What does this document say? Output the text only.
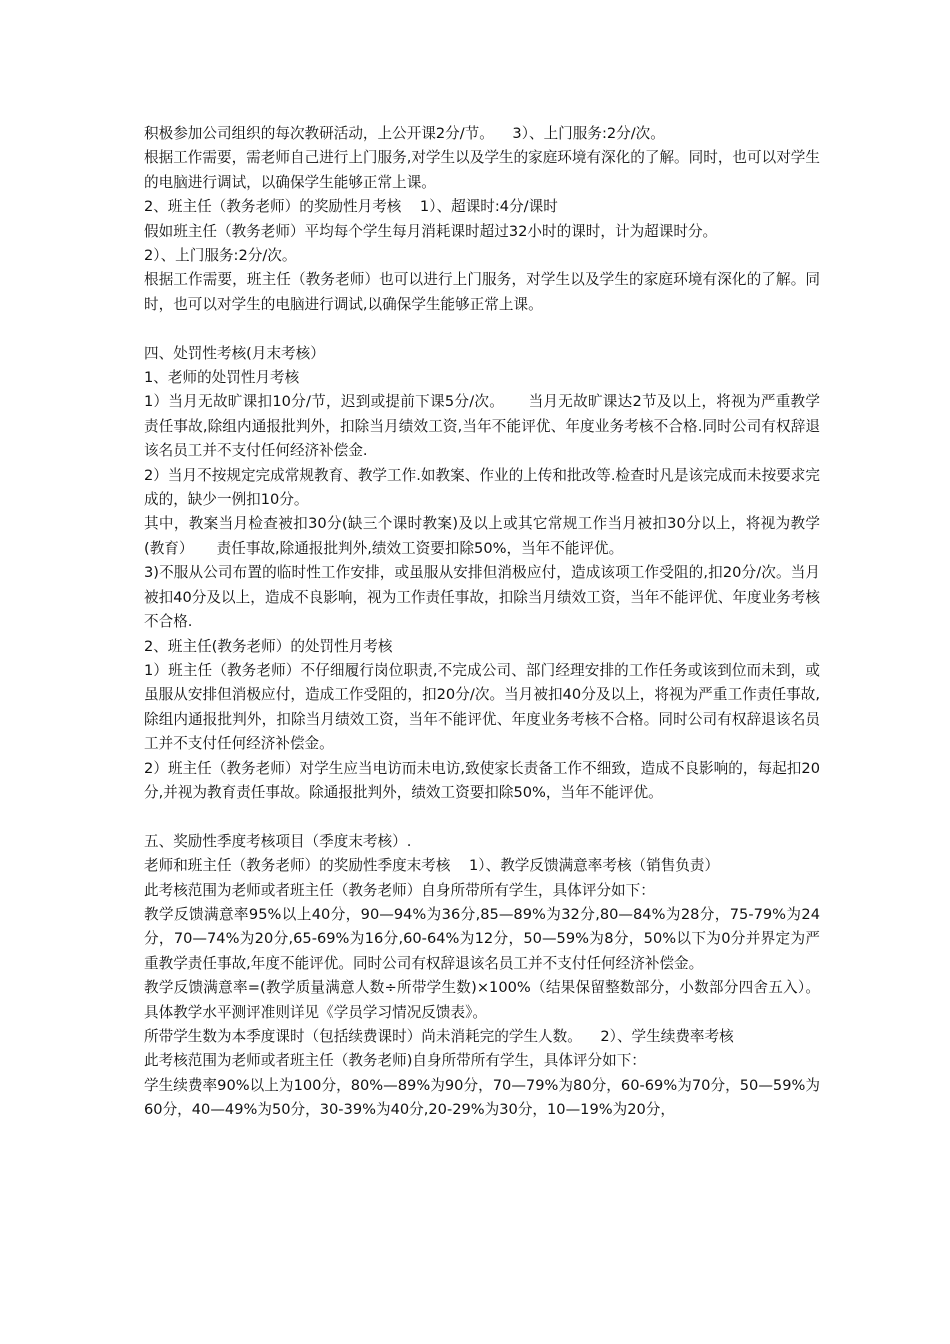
积极参加公司组织的每次教研活动，上公开课2分/节。    3）、上门服务:2分/次。

根据工作需要，需老师自己进行上门服务,对学生以及学生的家庭环境有深化的了解。同时，也可以对学生的电脑进行调试，以确保学生能够正常上课。

2、班主任（教务老师）的奖励性月考核    1）、超课时:4分/课时

假如班主任（教务老师）平均每个学生每月消耗课时超过32小时的课时，计为超课时分。

2）、上门服务:2分/次。

根据工作需要，班主任（教务老师）也可以进行上门服务，对学生以及学生的家庭环境有深化的了解。同时，也可以对学生的电脑进行调试,以确保学生能够正常上课。

四、处罚性考核(月末考核）

1、老师的处罚性月考核

1）当月无故旷课扣10分/节，迟到或提前下课5分/次。     当月无故旷课达2节及以上，将视为严重教学责任事故,除组内通报批判外，扣除当月绩效工资,当年不能评优、年度业务考核不合格.同时公司有权辞退该名员工并不支付任何经济补偿金.

2）当月不按规定完成常规教育、教学工作.如教案、作业的上传和批改等.检查时凡是该完成而未按要求完成的，缺少一例扣10分。

其中，教案当月检查被扣30分(缺三个课时教案)及以上或其它常规工作当月被扣30分以上，将视为教学(教育）     责任事故,除通报批判外,绩效工资要扣除50%，当年不能评优。

3)不服从公司布置的临时性工作安排，或虽服从安排但消极应付，造成该项工作受阻的,扣20分/次。当月被扣40分及以上，造成不良影响，视为工作责任事故，扣除当月绩效工资，当年不能评优、年度业务考核不合格.

2、班主任(教务老师）的处罚性月考核

1）班主任（教务老师）不仔细履行岗位职责,不完成公司、部门经理安排的工作任务或该到位而未到，或虽服从安排但消极应付，造成工作受阻的，扣20分/次。当月被扣40分及以上，将视为严重工作责任事故,除组内通报批判外，扣除当月绩效工资，当年不能评优、年度业务考核不合格。同时公司有权辞退该名员工并不支付任何经济补偿金。

2）班主任（教务老师）对学生应当电访而未电访,致使家长责备工作不细致，造成不良影响的，每起扣20分,并视为教育责任事故。除通报批判外，绩效工资要扣除50%，当年不能评优。

五、奖励性季度考核项目（季度末考核）.

老师和班主任（教务老师）的奖励性季度末考核    1）、教学反馈满意率考核（销售负责）

此考核范围为老师或者班主任（教务老师）自身所带所有学生，具体评分如下：

教学反馈满意率95%以上40分，90—94%为36分,85—89%为32分,80—84%为28分，75-79%为24分，70—74%为20分,65-69%为16分,60-64%为12分，50—59%为8分，50%以下为0分并界定为严重教学责任事故,年度不能评优。同时公司有权辞退该名员工并不支付任何经济补偿金。

教学反馈满意率=(教学质量满意人数÷所带学生数)×100%（结果保留整数部分，小数部分四舍五入）。具体教学水平测评准则详见《学员学习情况反馈表》。

所带学生数为本季度课时（包括续费课时）尚未消耗完的学生人数。    2）、学生续费率考核

此考核范围为老师或者班主任（教务老师)自身所带所有学生，具体评分如下：

学生续费率90%以上为100分，80%—89%为90分，70—79%为80分，60-69%为70分，50—59%为60分，40—49%为50分，30-39%为40分,20-29%为30分，10—19%为20分，
